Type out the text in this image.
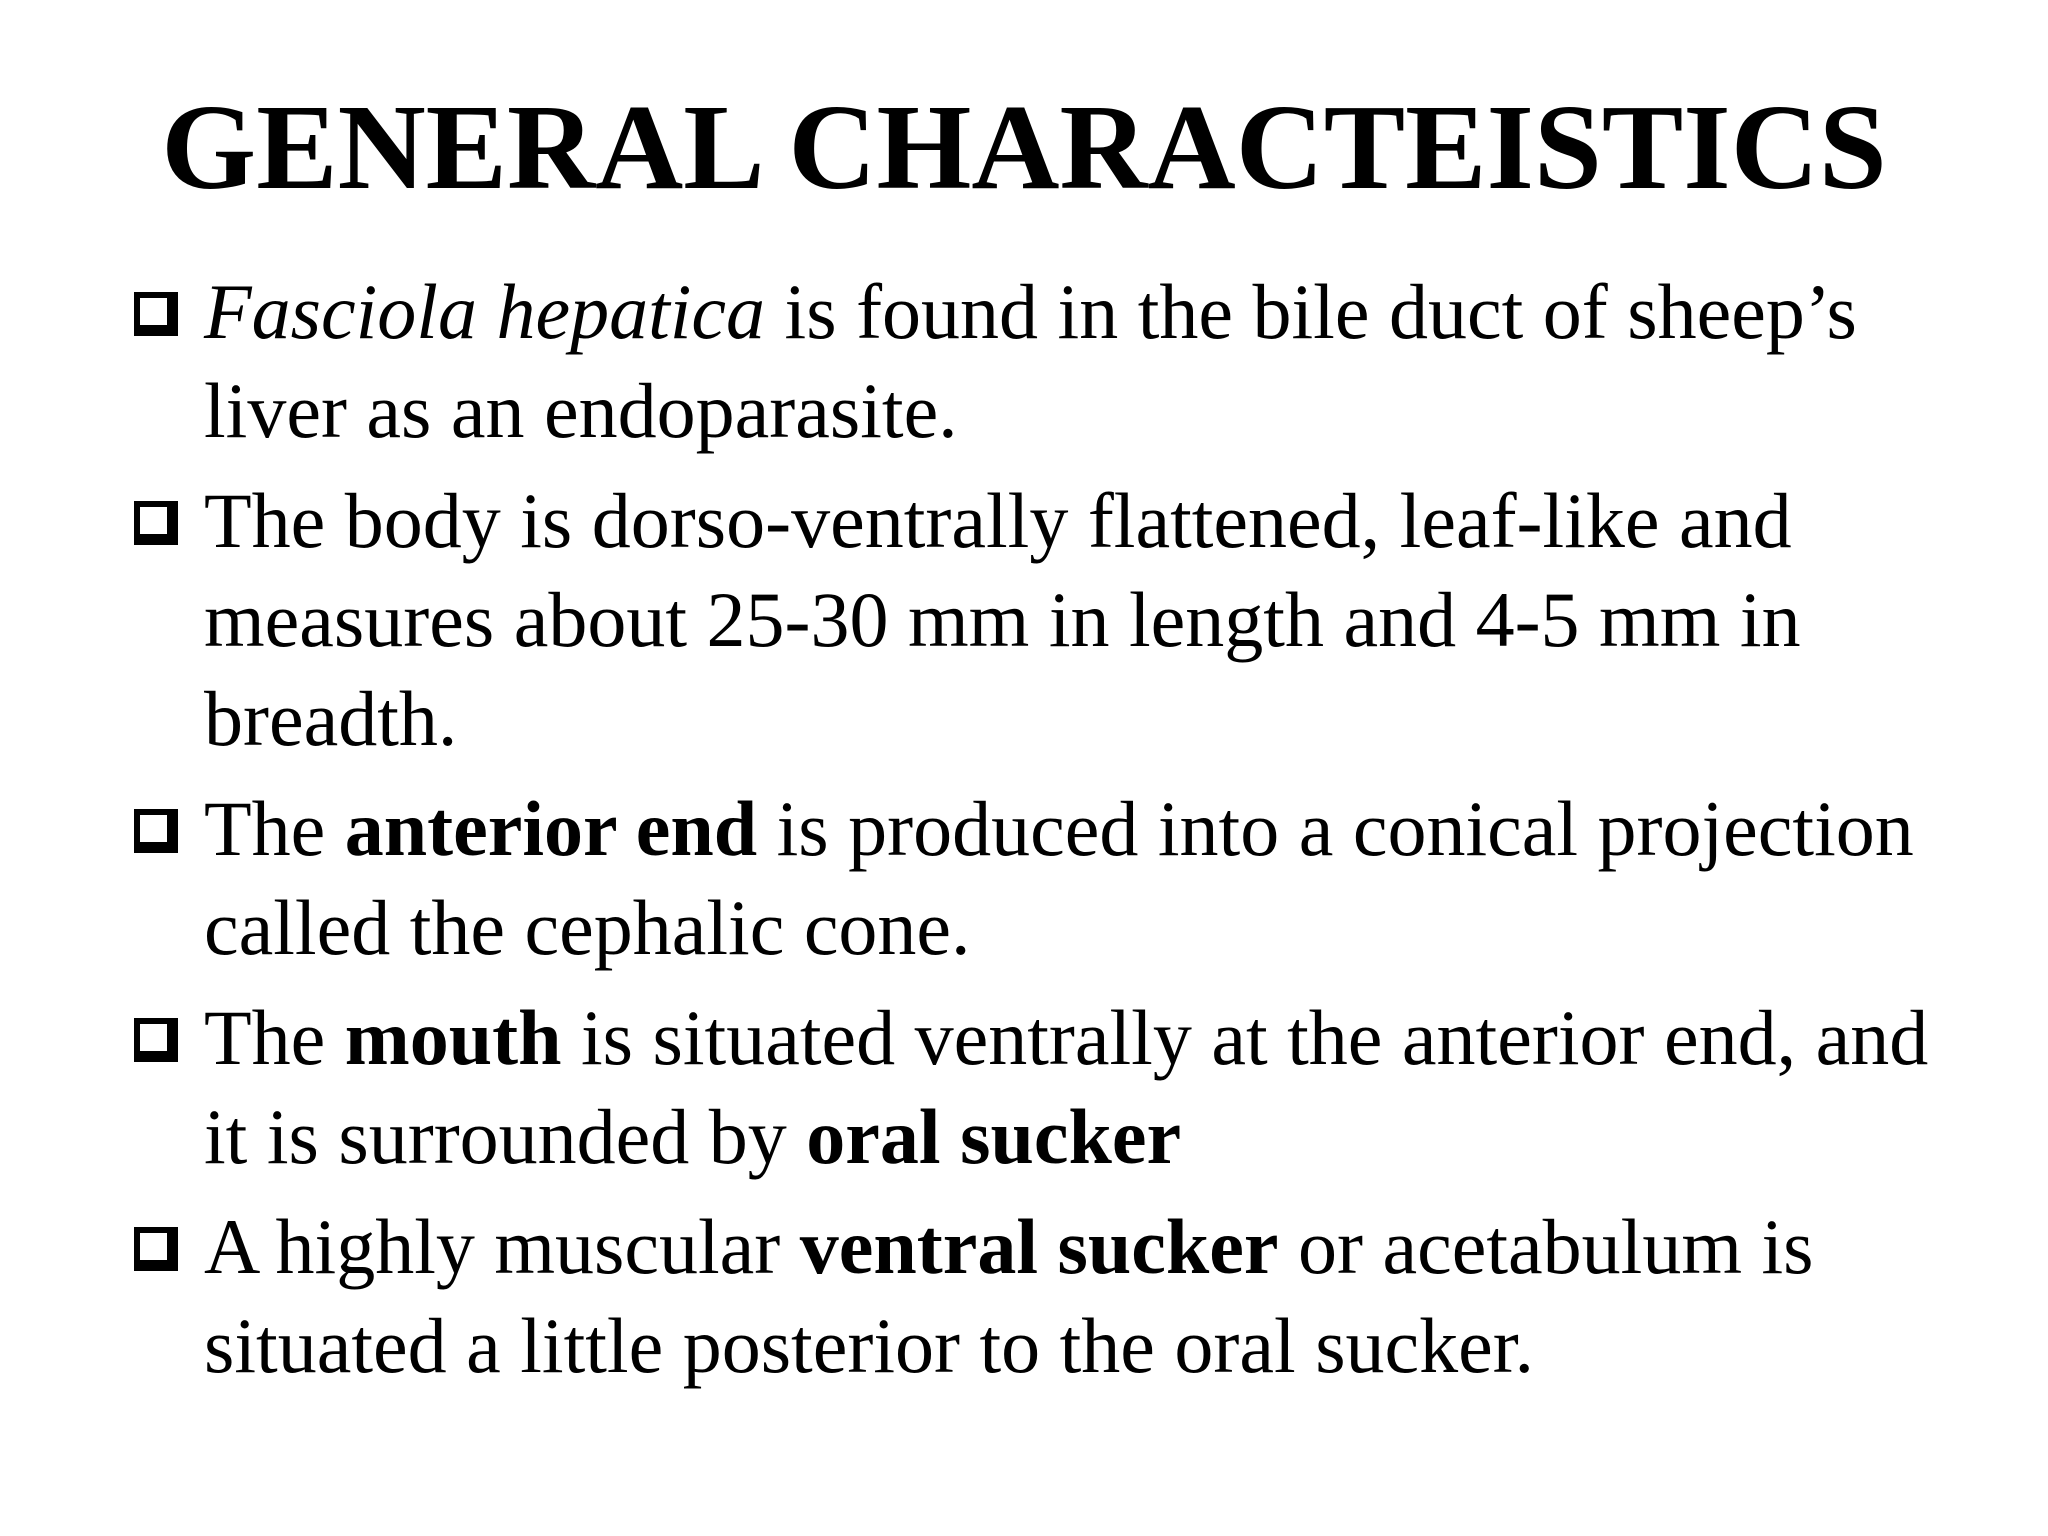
GENERAL CHARACTEISTICS
Fasciola hepatica is found in the bile duct of sheep’s liver as an endoparasite.
The body is dorso-ventrally flattened, leaf-like and measures about 25-30 mm in length and 4-5 mm in breadth.
The anterior end is produced into a conical projection called the cephalic cone.
The mouth is situated ventrally at the anterior end, and it is surrounded by oral sucker
A highly muscular ventral sucker or acetabulum is situated a little posterior to the oral sucker.
